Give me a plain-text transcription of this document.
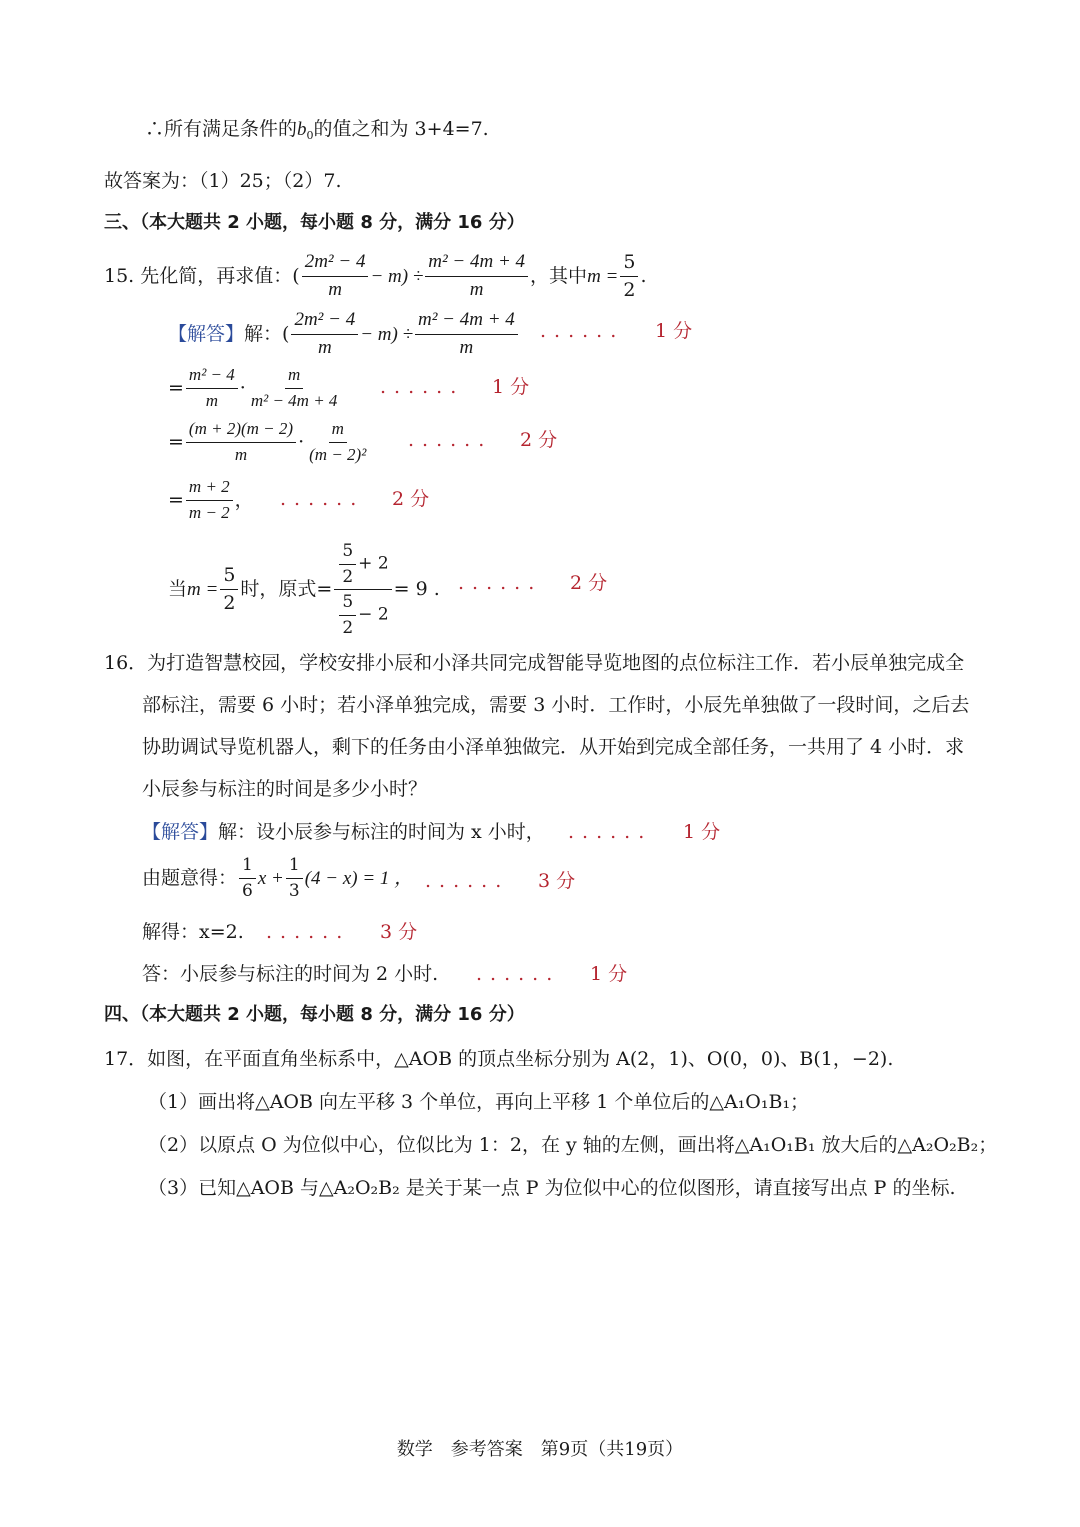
∴所有满足条件的$b_0$的值之和为 3+4=7.
故答案为：（1）25；（2）7.
三、（本大题共 2 小题，每小题 8 分，满分 16 分）
15.
先化简，再求值： ( $\frac{\text{2m² − 4}}{m} - m) \div \frac{\text{m² − 4m + 4}}{m}$ ，其中 $m = \frac{5}{2}$ .
【解答】 解： ( $\frac{\text{2m² − 4}}{m} - m) \div \frac{\text{m² − 4m + 4}}{m}$ ...... 1 分
= $\frac{\text{m² − 4}}{m} \cdot \frac{m}{\text{m² − 4m + 4}}$ ...... 1 分
= $\frac{(m + 2)(m - 2)}{m} \cdot \frac{m}{\text{(m − 2)²}}$ ...... 2 分
= $\frac{m + 2}{m - 2}$ ， ...... 2 分
当 $m = \frac{5}{2}$ 时，原式 = $\frac{\frac{5}{2} + 2}{\frac{5}{2} - 2} = 9$ . ...... 2 分
16．为打造智慧校园，学校安排小辰和小泽共同完成智能导览地图的点位标注工作．若小辰单独完成全
部标注，需要 6 小时；若小泽单独完成，需要 3 小时．工作时，小辰先单独做了一段时间，之后去
协助调试导览机器人，剩下的任务由小泽单独做完．从开始到完成全部任务，一共用了 4 小时．求
小辰参与标注的时间是多少小时？
【解答】解：设小辰参与标注的时间为 x 小时， ...... 1 分
由题意得： $\frac{1}{6}$ $x + \frac{1}{3} (4 - x) = 1$ ， ...... 3 分
解得：x=2. ...... 3 分
答：小辰参与标注的时间为 2 小时. ...... 1 分
四、（本大题共 2 小题，每小题 8 分，满分 16 分）
17．如图，在平面直角坐标系中，△AOB 的顶点坐标分别为 A(2，1)、O(0，0)、B(1，−2).
（1）画出将△AOB 向左平移 3 个单位，再向上平移 1 个单位后的△A₁O₁B₁；
（2）以原点 O 为位似中心，位似比为 1：2，在 y 轴的左侧，画出将△A₁O₁B₁ 放大后的△A₂O₂B₂；
（3）已知△AOB 与△A₂O₂B₂ 是关于某一点 P 为位似中心的位似图形，请直接写出点 P 的坐标.
数学　参考答案　第9页（共19页）
